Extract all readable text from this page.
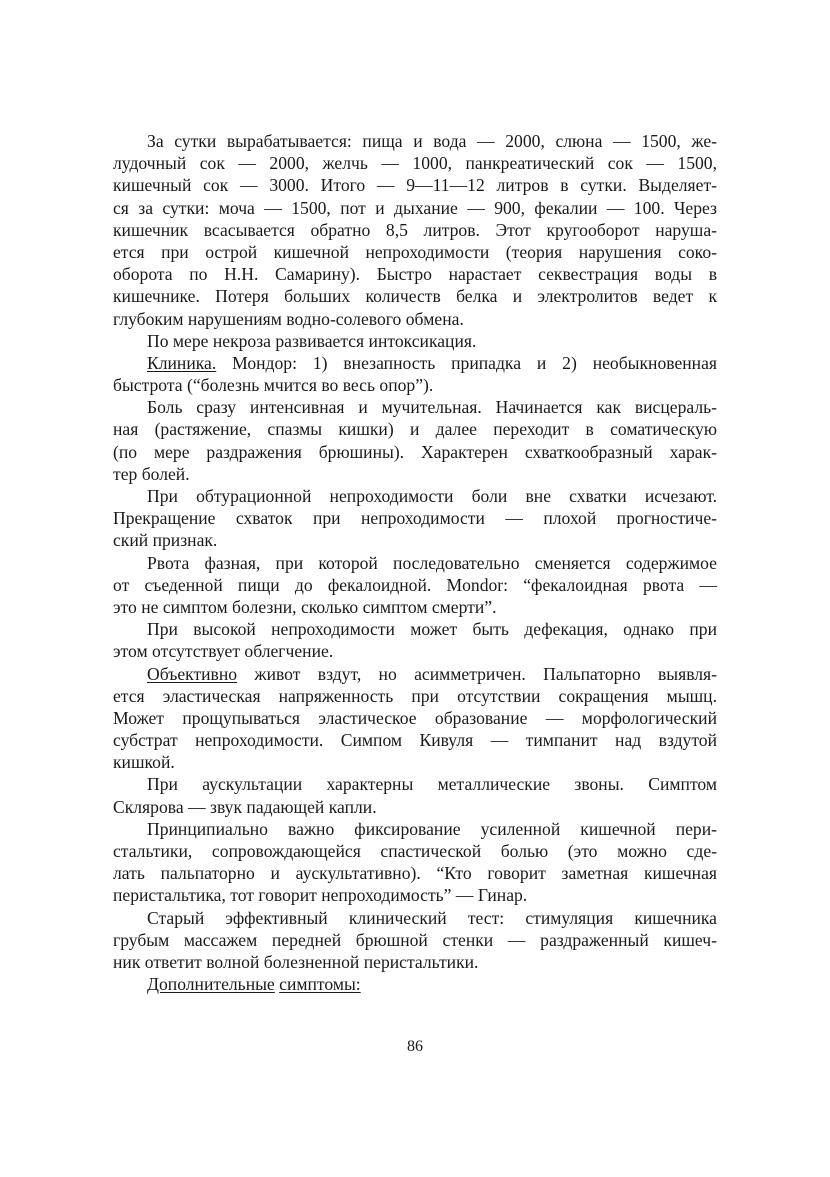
За сутки вырабатывается: пища и вода — 2000, слюна — 1500, же-
лудочный сок — 2000, желчь — 1000, панкреатический сок — 1500,
кишечный сок — 3000. Итого — 9—11—12 литров в сутки. Выделяет-
ся за сутки: моча — 1500, пот и дыхание — 900, фекалии — 100. Через
кишечник всасывается обратно 8,5 литров. Этот кругооборот наруша-
ется при острой кишечной непроходимости (теория нарушения соко-
оборота по Н.Н. Самарину). Быстро нарастает секвестрация воды в
кишечнике. Потеря больших количеств белка и электролитов ведет к
глубоким нарушениям водно-солевого обмена.
По мере некроза развивается интоксикация.
Клиника. Мондор: 1) внезапность припадка и 2) необыкновенная
быстрота (“болезнь мчится во весь опор”).
Боль сразу интенсивная и мучительная. Начинается как висцераль-
ная (растяжение, спазмы кишки) и далее переходит в соматическую
(по мере раздражения брюшины). Характерен схваткообразный харак-
тер болей.
При обтурационной непроходимости боли вне схватки исчезают.
Прекращение схваток при непроходимости — плохой прогностиче-
ский признак.
Рвота фазная, при которой последовательно сменяется содержимое
от съеденной пищи до фекалоидной. Mondor: “фекалоидная рвота —
это не симптом болезни, сколько симптом смерти”.
При высокой непроходимости может быть дефекация, однако при
этом отсутствует облегчение.
Объективно живот вздут, но асимметричен. Пальпаторно выявля-
ется эластическая напряженность при отсутствии сокращения мышц.
Может прощупываться эластическое образование — морфологический
субстрат непроходимости. Симпом Кивуля — тимпанит над вздутой
кишкой.
При аускультации характерны металлические звоны. Симптом
Склярова — звук падающей капли.
Принципиально важно фиксирование усиленной кишечной пери-
стальтики, сопровождающейся спастической болью (это можно сде-
лать пальпаторно и аускультативно). “Кто говорит заметная кишечная
перистальтика, тот говорит непроходимость” — Гинар.
Старый эффективный клинический тест: стимуляция кишечника
грубым массажем передней брюшной стенки — раздраженный кишеч-
ник ответит волной болезненной перистальтики.
Дополнительные симптомы:
86
